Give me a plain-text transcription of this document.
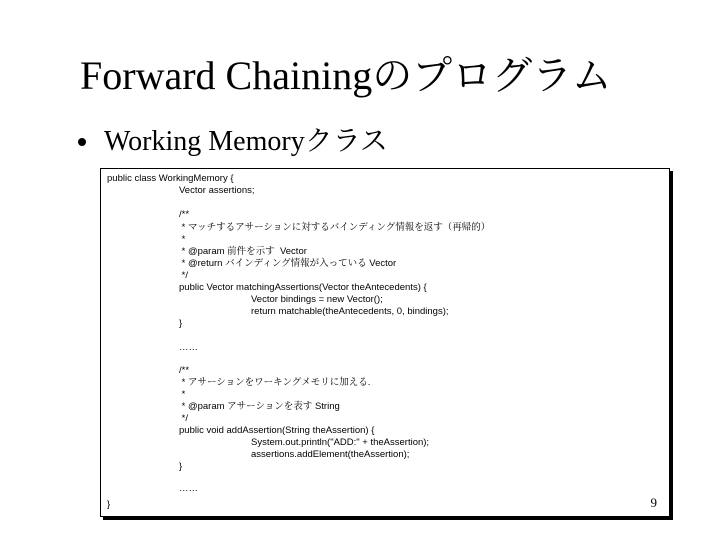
Forward Chainingのプログラム
Working Memoryクラス
public class WorkingMemory {
Vector assertions;
/**
* マッチするアサーションに対するバインディング情報を返す（再帰的）
*
* @param 前件を示す  Vector
* @return バインディング情報が入っている Vector
*/
public Vector matchingAssertions(Vector theAntecedents) {
Vector bindings = new Vector();
return matchable(theAntecedents, 0, bindings);
}
……
/**
* アサーションをワーキングメモリに加える.
*
* @param アサーションを表す String
*/
public void addAssertion(String theAssertion) {
System.out.println("ADD:" + theAssertion);
assertions.addElement(theAssertion);
}
……
}	9
